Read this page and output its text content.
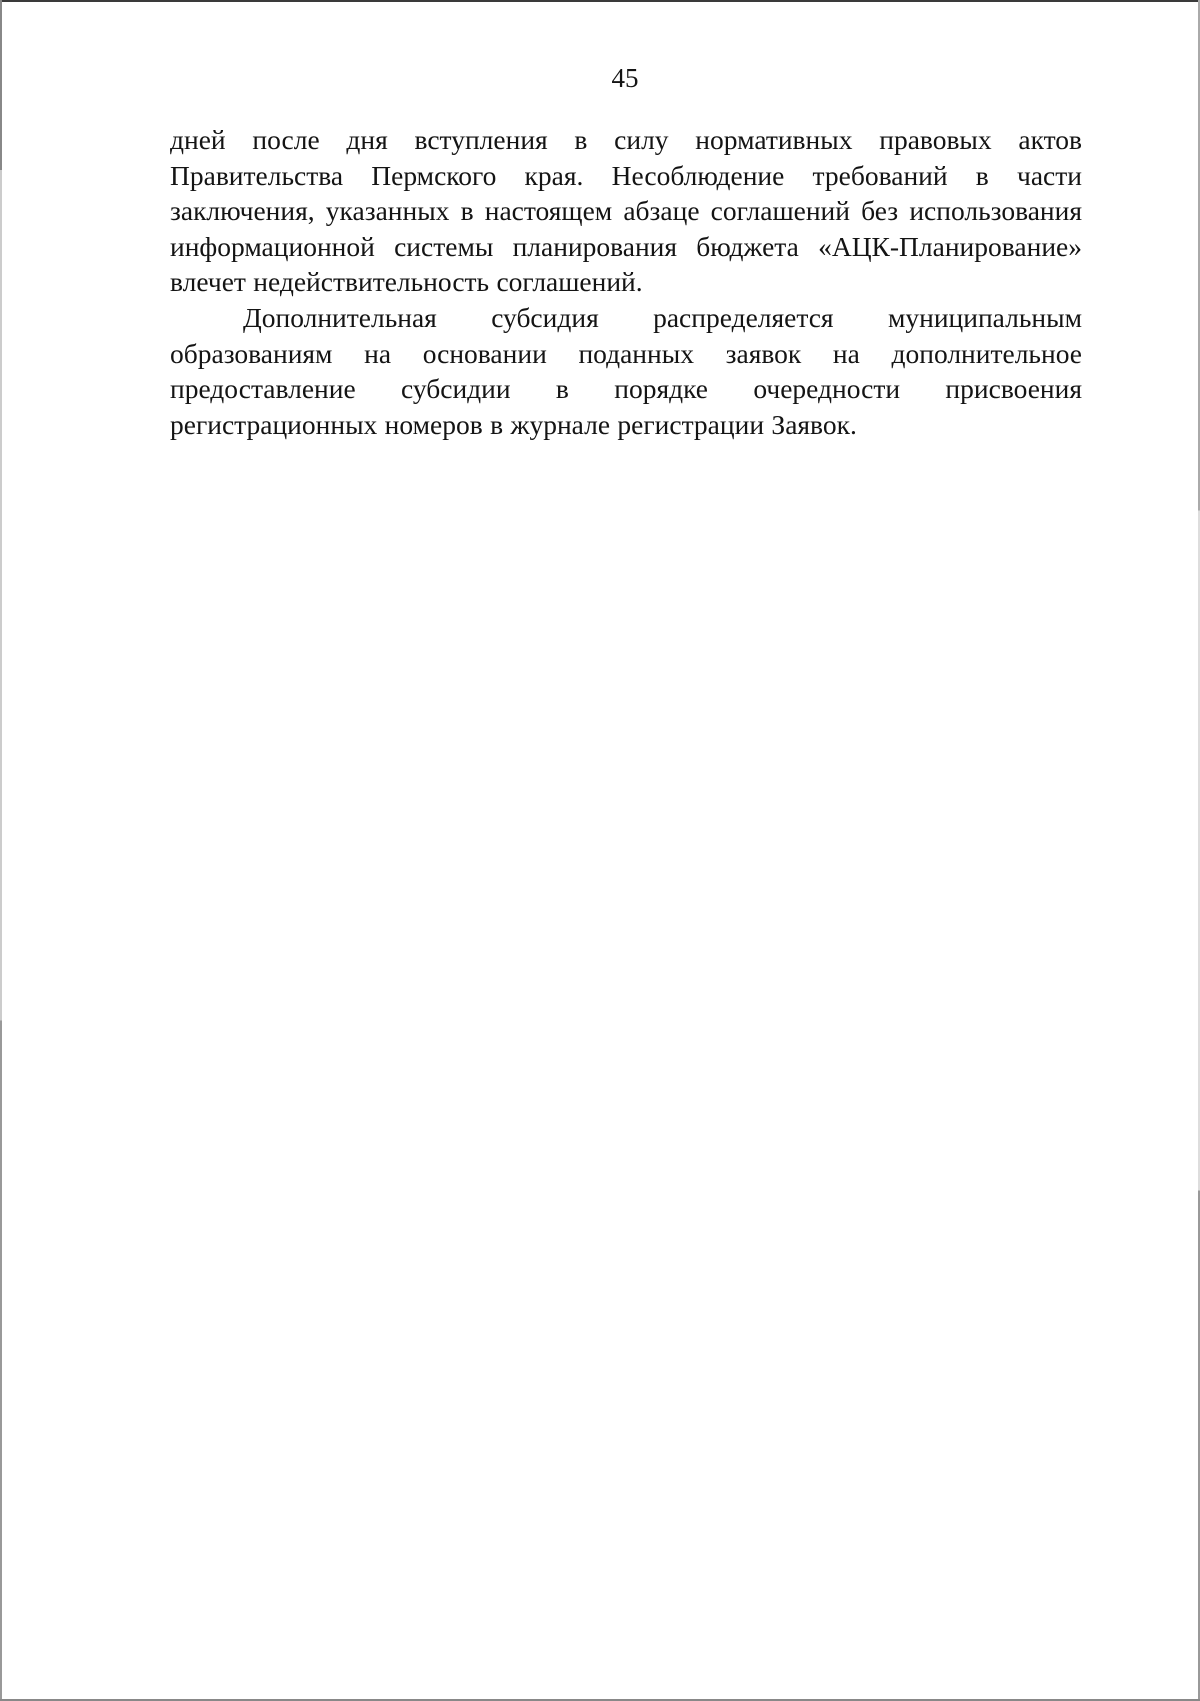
45

дней после дня вступления в силу нормативных правовых актов Правительства Пермского края. Несоблюдение требований в части заключения, указанных в настоящем абзаце соглашений без использования информационной системы планирования бюджета «АЦК-Планирование» влечет недействительность соглашений.

Дополнительная субсидия распределяется муниципальным образованиям на основании поданных заявок на дополнительное предоставление субсидии в порядке очередности присвоения регистрационных номеров в журнале регистрации Заявок.
